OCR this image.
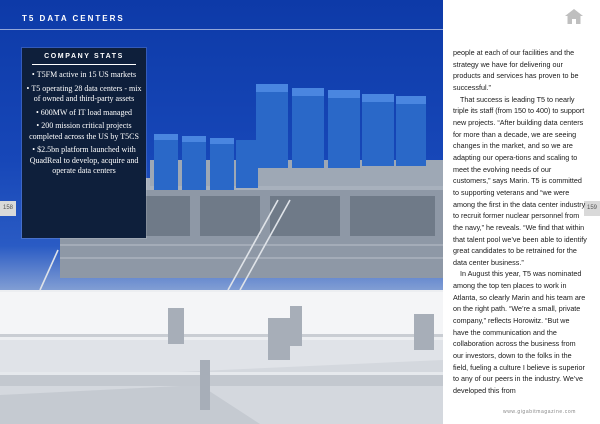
T5 DATA CENTERS
COMPANY STATS
• T5FM active in 15 US markets
• T5 operating 28 data centers - mix of owned and third-party assets
• 600MW of IT load managed
• 200 mission critical projects completed across the US by T5CS
• $2.5bn platform launched with QuadReal to develop, acquire and operate data centers
158	159

people at each of our facilities and the strategy we have for delivering our products and services has proven to be successful.”

That success is leading T5 to nearly triple its staff (from 150 to 400) to support new projects. “After building data centers for more than a decade, we are seeing changes in the market, and so we are adapting our opera-tions and scaling to meet the evolving needs of our customers,” says Marin. T5 is committed to supporting veterans and “we were among the first in the data center industry to recruit former nuclear personnel from the navy,” he reveals. “We find that within that talent pool we’ve been able to identify great candidates to be retrained for the data center business.”

In August this year, T5 was nominated among the top ten places to work in Atlanta, so clearly Marin and his team are on the right path. “We’re a small, private company,” reflects Horowitz. “But we have the communication and the collaboration across the business from our investors, down to the folks in the field, fueling a culture I believe is superior to any of our peers in the industry. We’ve developed this from

www.gigabitmagazine.com
